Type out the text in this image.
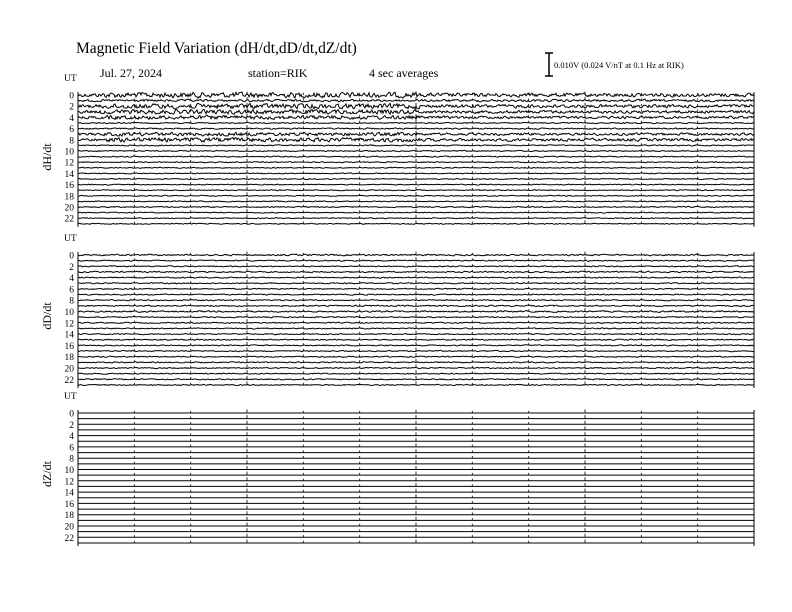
Magnetic Field Variation (dH/dt,dD/dt,dZ/dt)
Jul. 27, 2024	station=RIK	4 sec averages
0.010V (0.024 V/nT at 0.1 Hz at RIK)
UT
dH/dt
0
2
4
6
8
10
12
14
16
18
20
22
UT
dD/dt
0
2
4
6
8
10
12
14
16
18
20
22
UT
dZ/dt
0
2
4
6
8
10
12
14
16
18
20
22
